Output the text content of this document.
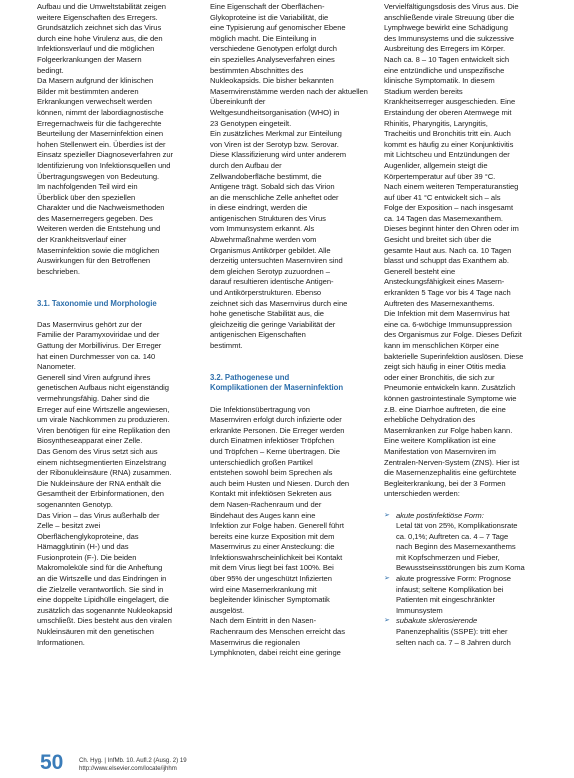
Aufbau und die Umweltstabilität zeigen

weitere Eigenschaften des Erregers.

Grundsätzlich zeichnet sich das Virus

durch eine hohe Virulenz aus, die den

Infektionsverlauf und die möglichen

Folgeerkrankungen der Masern

bedingt.

Da Masern aufgrund der klinischen

Bilder mit bestimmten anderen

Erkrankungen verwechselt werden

können, nimmt der labordiagnostische

Erregernachweis für die fachgerechte

Beurteilung der Maserninfektion einen

hohen Stellenwert ein. Überdies ist der

Einsatz spezieller Diagnoseverfahren zur

Identifizierung von Infektionsquellen und

Übertragungswegen von Bedeutung.

Im nachfolgenden Teil wird ein

Überblick über den speziellen

Charakter und die Nachweismethoden

des Masernerregers gegeben. Des

Weiteren werden die Entstehung und

der Krankheitsverlauf einer

Maserninfektion sowie die möglichen

Auswirkungen für den Betroffenen

beschrieben.

3.1. Taxonomie und Morphologie

Das Masernvirus gehört zur der

Familie der Paramyxoviridae und der

Gattung der Morbillivirus. Der Erreger

hat einen Durchmesser von ca. 140

Nanometer.

Generell sind Viren aufgrund ihres

genetischen Aufbaus nicht eigenständig

vermehrungsfähig. Daher sind die

Erreger auf eine Wirtszelle angewiesen,

um virale Nachkommen zu produzieren.

Viren benötigen für eine Replikation den

Biosyntheseapparat einer Zelle.

Das Genom des Virus setzt sich aus

einem nichtsegmentierten Einzelstrang

der Ribonukleinsäure (RNA) zusammen.

Die Nukleinsäure der RNA enthält die

Gesamtheit der Erbinformationen, den

sogenannten Genotyp.

Das Virion – das Virus außerhalb der

Zelle – besitzt zwei

Oberflächenglykoproteine, das

Hämagglutinin (H-) und das

Fusionprotein (F-). Die beiden

Makromoleküle sind für die Anheftung

an die Wirtszelle und das Eindringen in

die Zielzelle verantwortlich. Sie sind in

eine doppelte Lipidhülle eingelagert, die

zusätzlich das sogenannte Nukleokapsid

umschließt. Dies besteht aus den viralen

Nukleinsäuren mit den genetischen

Informationen.

Eine Eigenschaft der Oberflächen-

Glykoproteine ist die Variabilität, die

eine Typisierung auf genomischer Ebene

möglich macht. Die Einteilung in

verschiedene Genotypen erfolgt durch

ein spezielles Analyseverfahren eines

bestimmten Abschnittes des

Nukleokapsids. Die bisher bekannten

Masernvirenstämme werden nach der aktuellen

Übereinkunft der

Weltgesundheitsorganisation (WHO) in

23 Genotypen eingeteilt.

Ein zusätzliches Merkmal zur Einteilung

von Viren ist der Serotyp bzw. Serovar.

Diese Klassifizierung wird unter anderem

durch den Aufbau der

Zellwandoberfläche bestimmt, die

Antigene trägt. Sobald sich das Virion

an die menschliche Zelle anheftet oder

in diese eindringt, werden die

antigenischen Strukturen des Virus

vom Immunsystem erkannt. Als

Abwehrmaßnahme werden vom

Organismus Antikörper gebildet. Alle

derzeitig untersuchten Masernviren sind

dem gleichen Serotyp zuzuordnen –

darauf resultieren identische Antigen-

und Antikörperstrukturen. Ebenso

zeichnet sich das Masernvirus durch eine

hohe genetische Stabilität aus, die

gleichzeitig die geringe Variabilität der

antigenischen Eigenschaften

bestimmt.

3.2. Pathogenese und
Komplikationen der Maserninfektion

Die Infektionsübertragung von

Masernviren erfolgt durch infizierte oder

erkrankte Personen. Die Erreger werden

durch Einatmen infektiöser Tröpfchen

und Tröpfchen – Kerne übertragen. Die

unterschiedlich großen Partikel

entstehen sowohl beim Sprechen als

auch beim Husten und Niesen. Durch den

Kontakt mit infektiösen Sekreten aus

dem Nasen-Rachenraum und der

Bindehaut des Auges kann eine

Infektion zur Folge haben. Generell führt

bereits eine kurze Exposition mit dem

Masernvirus zu einer Ansteckung: die

Infektionswahrscheinlichkeit bei Kontakt

mit dem Virus liegt bei fast 100%. Bei

über 95% der ungeschützt Infizierten

wird eine Masernerkrankung mit

begleitender klinischer Symptomatik

ausgelöst.

Nach dem Eintritt in den Nasen-

Rachenraum des Menschen erreicht das

Masernvirus die regionalen

Lymphknoten, dabei reicht eine geringe

Vervielfältigungsdosis des Virus aus. Die

anschließende virale Streuung über die

Lymphwege bewirkt eine Schädigung

des Immunsystems und die sukzessive

Ausbreitung des Erregers im Körper.

Nach ca. 8 – 10 Tagen entwickelt sich

eine entzündliche und unspezifische

klinische Symptomatik. In diesem

Stadium werden bereits

Krankheitserreger ausgeschieden. Eine

Erstaindung der oberen Atemwege mit

Rhinitis, Pharyngitis, Laryngitis,

Tracheitis und Bronchitis tritt ein. Auch

kommt es häufig zu einer Konjunktivitis

mit Lichtscheu und Entzündungen der

Augenlider, allgemein steigt die

Körpertemperatur auf über 39 °C.

Nach einem weiteren Temperaturanstieg

auf über 41 °C entwickelt sich – als

Folge der Exposition – nach insgesamt

ca. 14 Tagen das Masernexanthem.

Dieses beginnt hinter den Ohren oder im

Gesicht und breitet sich über die

gesamte Haut aus. Nach ca. 10 Tagen

blasst und schuppt das Exanthem ab.

Generell besteht eine

Ansteckungsfähigkeit eines Masern-

erkrankten 5 Tage vor bis 4 Tage nach

Auftreten des Masernexanthems.

Die Infektion mit dem Masernvirus hat

eine ca. 6-wöchige Immunsuppression

des Organismus zur Folge. Dieses Defizit

kann im menschlichen Körper eine

bakterielle Superinfektion auslösen. Diese

zeigt sich häufig in einer Otitis media

oder einer Bronchitis, die sich zur

Pneumonie entwickeln kann. Zusätzlich

können gastrointestinale Symptome wie

z.B. eine Diarrhoe auftreten, die eine

erhebliche Dehydration des

Masernkranken zur Folge haben kann.

Eine weitere Komplikation ist eine

Manifestation von Masernviren im

Zentralen-Nerven-System (ZNS). Hier ist

die Masernenzephalitis eine gefürchtete

Begleiterkrankung, bei der 3 Formen

unterschieden werden:

➢ akute postinfektiöse Form:

Letal tät von 25%, Komplikationsrate

ca. 0,1%; Auftreten ca. 4 – 7 Tage

nach Beginn des Masernexanthems

mit Kopfschmerzen und Fieber,

Bewusstseinsstörungen bis zum Koma

➢ akute progressive Form: Prognose

infaust; seltene Komplikation bei

Patienten mit eingeschränkter

Immunsystem

➢ subakute sklerosierende

Panenzephalitis (SSPE): tritt eher

selten nach ca. 7 – 8 Jahren durch

50	Ch. Hyg. | InfMb. 10. Aufl.2 (Ausg. 2) 19
http://www.elsevier.com/locate/ijhhm
